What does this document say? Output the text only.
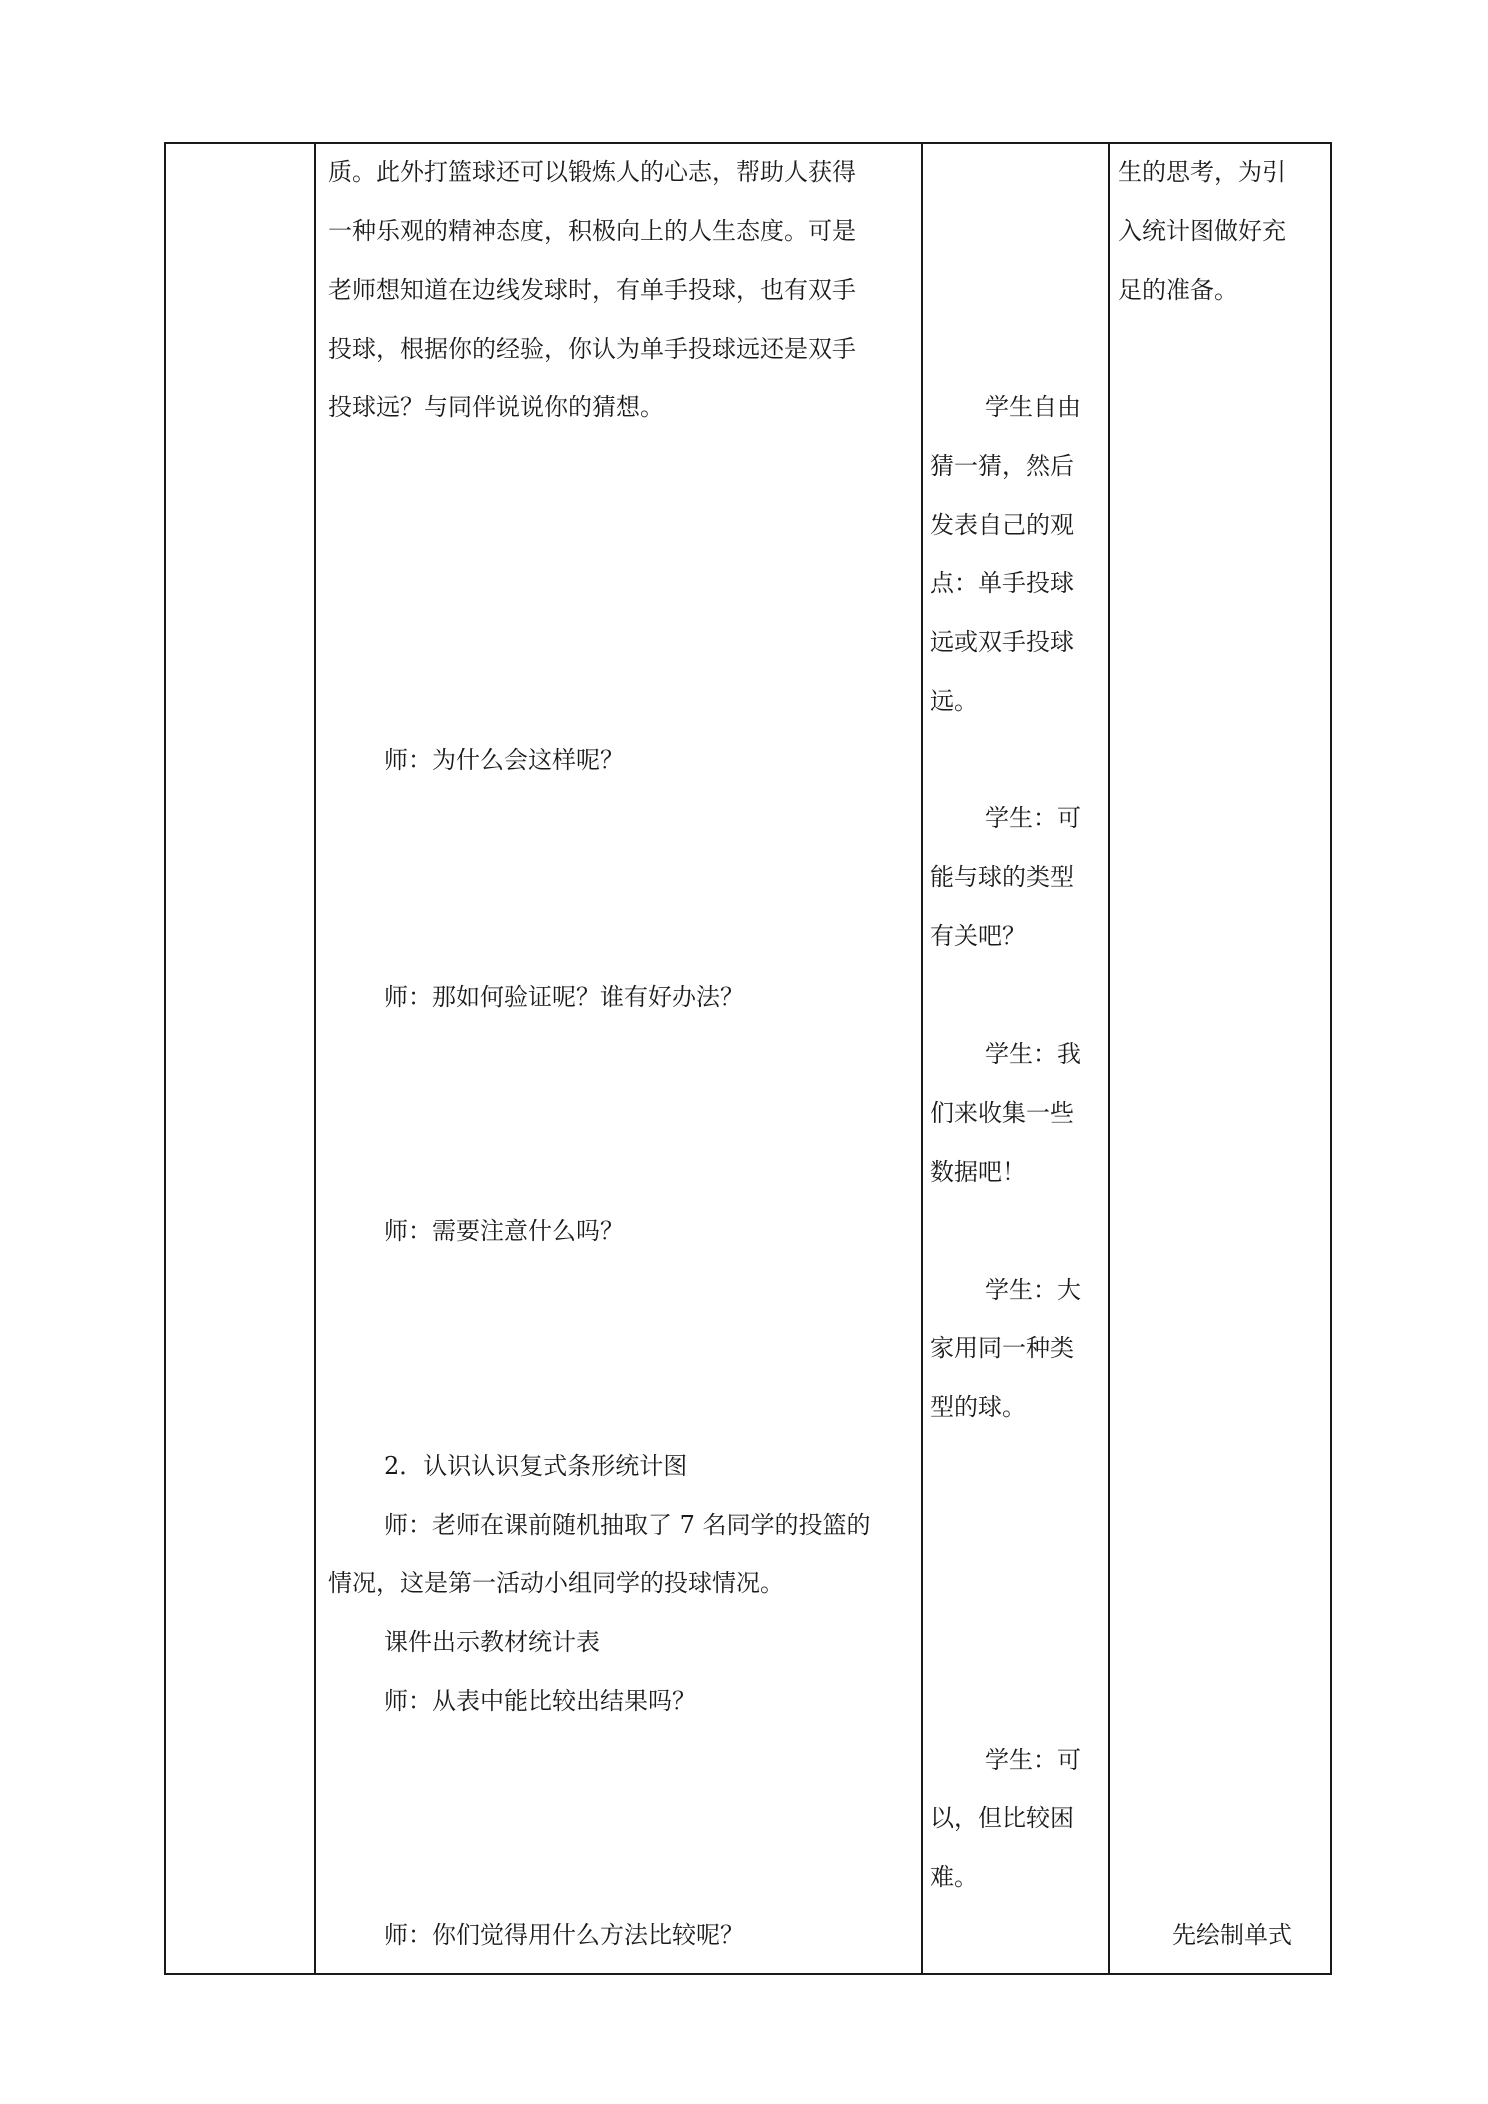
质。此外打篮球还可以锻炼人的心志，帮助人获得
一种乐观的精神态度，积极向上的人生态度。可是
老师想知道在边线发球时，有单手投球，也有双手
投球，根据你的经验，你认为单手投球远还是双手
投球远？与同伴说说你的猜想。
师：为什么会这样呢？
师：那如何验证呢？谁有好办法？
师：需要注意什么吗？
2．认识认识复式条形统计图
师：老师在课前随机抽取了 7 名同学的投篮的
情况，这是第一活动小组同学的投球情况。
课件出示教材统计表
师：从表中能比较出结果吗？
师：你们觉得用什么方法比较呢？
学生自由
猜一猜，然后
发表自己的观
点：单手投球
远或双手投球
远。
学生：可
能与球的类型
有关吧？
学生：我
们来收集一些
数据吧！
学生：大
家用同一种类
型的球。
学生：可
以，但比较困
难。
生的思考，为引
入统计图做好充
足的准备。
先绘制单式
